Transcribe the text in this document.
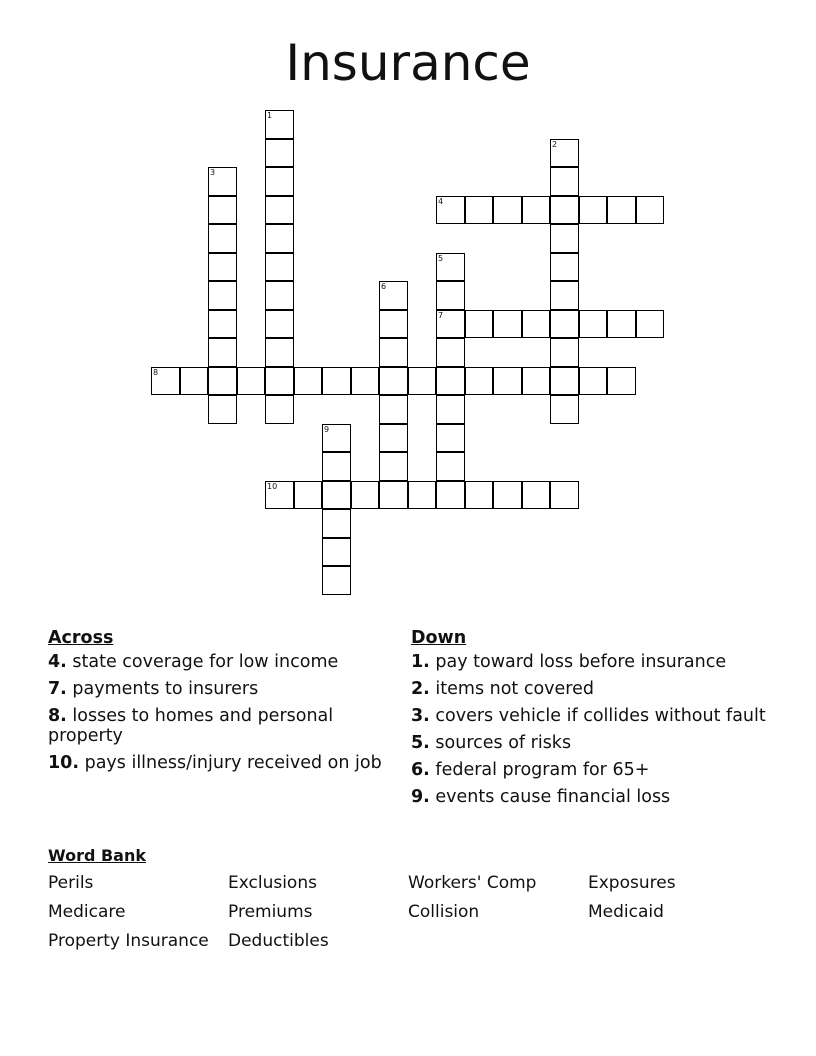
Insurance
1
2
3
4
5
7
6
8
9
10
Across
4. state coverage for low income
7. payments to insurers
8. losses to homes and personal property
10. pays illness/injury received on job
Down
1. pay toward loss before insurance
2. items not covered
3. covers vehicle if collides without fault
5. sources of risks
6. federal program for 65+
9. events cause financial loss
Word Bank
Perils	Exclusions	Workers' Comp	Exposures
Medicare	Premiums	Collision	Medicaid
Property Insurance	Deductibles
